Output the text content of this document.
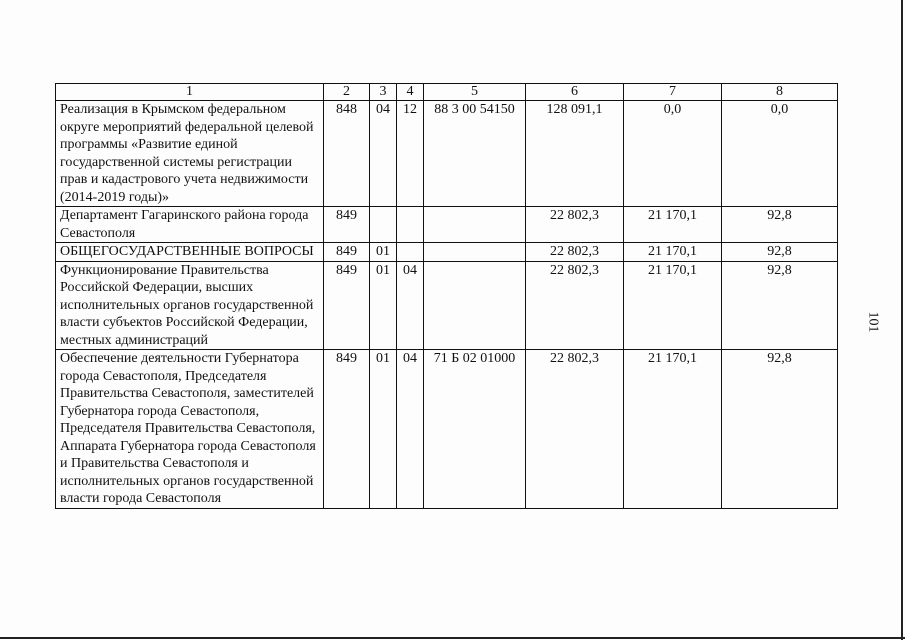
1	2	3	4	5	6	7	8
Реализация в Крымском федеральном округе мероприятий федеральной целевой программы «Развитие единой государственной системы регистрации прав и кадастрового учета недвижимости (2014-2019 годы)»	848	04	12	88 3 00 54150	128 091,1	0,0	0,0
Департамент Гагаринского района города Севастополя	849				22 802,3	21 170,1	92,8
ОБЩЕГОСУДАРСТВЕННЫЕ ВОПРОСЫ	849	01			22 802,3	21 170,1	92,8
Функционирование Правительства Российской Федерации, высших исполнительных органов государственной власти субъектов Российской Федерации, местных администраций	849	01	04		22 802,3	21 170,1	92,8
Обеспечение деятельности Губернатора города Севастополя, Председателя Правительства Севастополя, заместителей Губернатора города Севастополя, Председателя Правительства Севастополя, Аппарата Губернатора города Севастополя и Правительства Севастополя и исполнительных органов государственной власти города Севастополя	849	01	04	71 Б 02 01000	22 802,3	21 170,1	92,8
101
